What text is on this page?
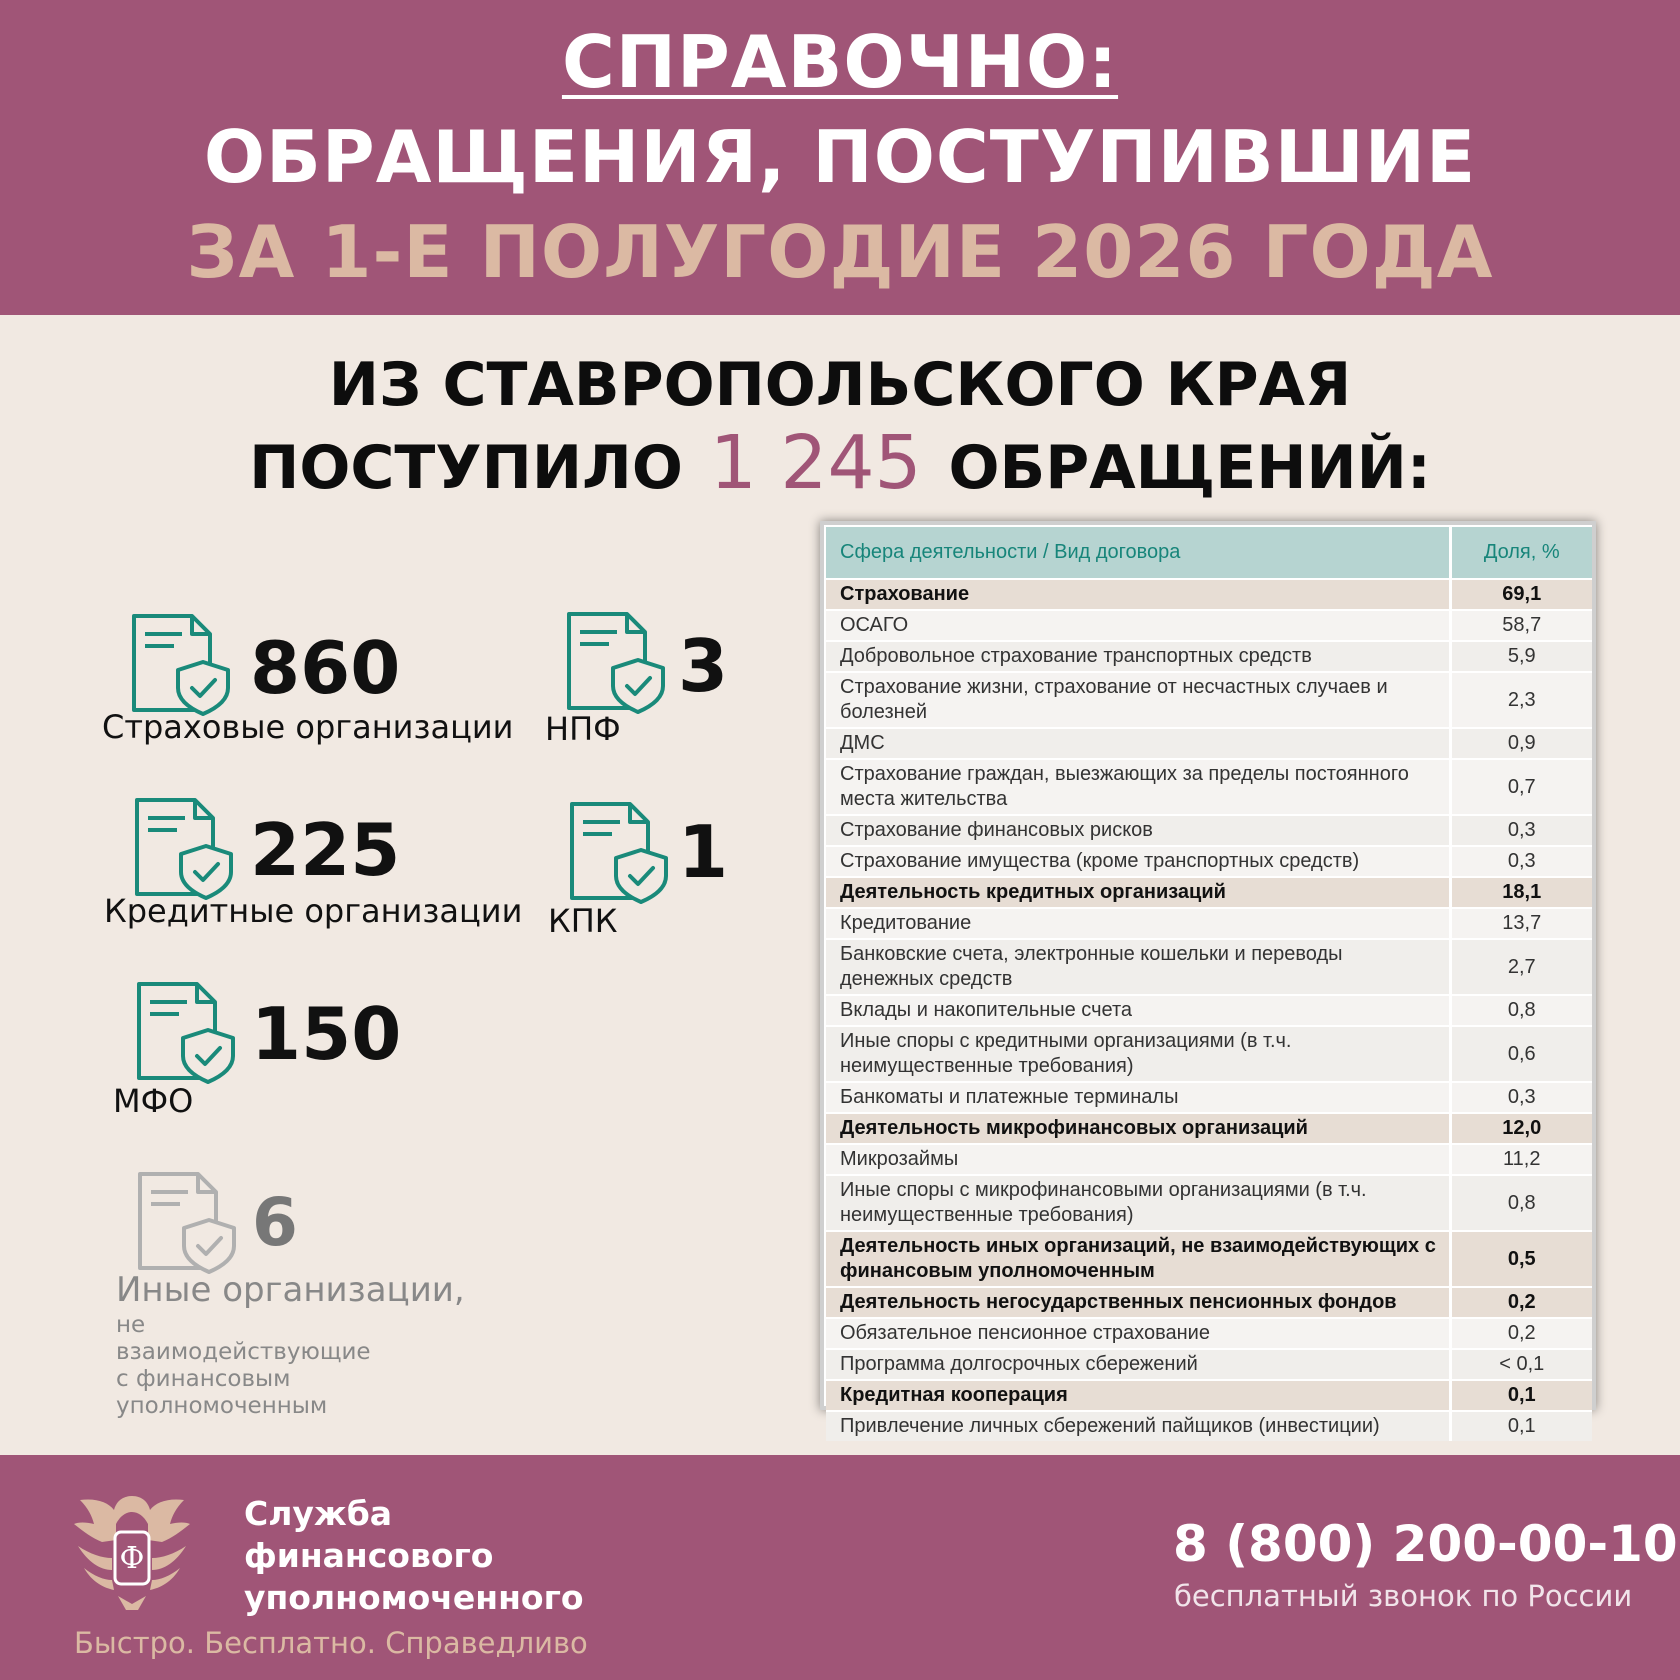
СПРАВОЧНО:
ОБРАЩЕНИЯ, ПОСТУПИВШИЕ
ЗА 1-Е ПОЛУГОДИЕ 2026 ГОДА
ИЗ СТАВРОПОЛЬСКОГО КРАЯ
ПОСТУПИЛО 1 245 ОБРАЩЕНИЙ:
860
Страховые организации
3
НПФ
225
Кредитные организации
1
КПК
150
МФО
6
Иные организации,
не взаимодействующие
с финансовым
уполномоченным
Сфера деятельности / Вид договора	Доля, %
Страхование	69,1
ОСАГО	58,7
Добровольное страхование транспортных средств	5,9
Страхование жизни, страхование от несчастных случаев и болезней	2,3
ДМС	0,9
Страхование граждан, выезжающих за пределы постоянного места жительства	0,7
Страхование финансовых рисков	0,3
Страхование имущества (кроме транспортных средств)	0,3
Деятельность кредитных организаций	18,1
Кредитование	13,7
Банковские счета, электронные кошельки и переводы денежных средств	2,7
Вклады и накопительные счета	0,8
Иные споры с кредитными организациями (в т.ч. неимущественные требования)	0,6
Банкоматы и платежные терминалы	0,3
Деятельность микрофинансовых организаций	12,0
Микрозаймы	11,2
Иные споры с микрофинансовыми организациями (в т.ч. неимущественные требования)	0,8
Деятельность иных организаций, не взаимодействующих с финансовым уполномоченным	0,5
Деятельность негосударственных пенсионных фондов	0,2
Обязательное пенсионное страхование	0,2
Программа долгосрочных сбережений	< 0,1
Кредитная кооперация	0,1
Привлечение личных сбережений пайщиков (инвестиции)	0,1
Ф
Служба
финансового
уполномоченного
Быстро. Бесплатно. Справедливо
8 (800) 200-00-10
бесплатный звонок по России
